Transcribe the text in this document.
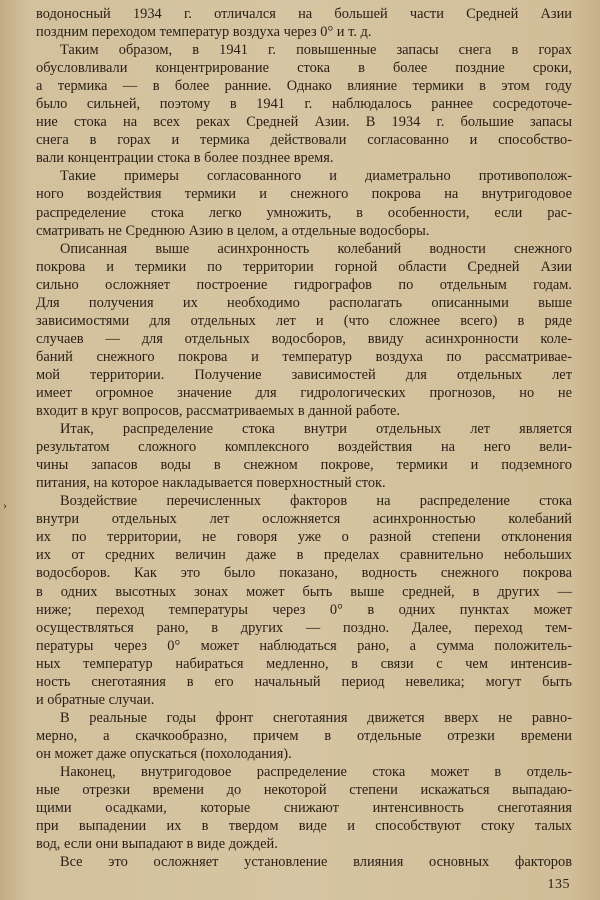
›
водоносный 1934 г. отличался на большей части Средней Азии
поздним переходом температур воздуха через 0° и т. д.
Таким образом, в 1941 г. повышенные запасы снега в горах
обусловливали концентрирование стока в более поздние сроки,
а термика — в более ранние. Однако влияние термики в этом году
было сильней, поэтому в 1941 г. наблюдалось раннее сосредоточе-
ние стока на всех реках Средней Азии. В 1934 г. большие запасы
снега в горах и термика действовали согласованно и способство-
вали концентрации стока в более позднее время.
Такие примеры согласованного и диаметрально противополож-
ного воздействия термики и снежного покрова на внутригодовое
распределение стока легко умножить, в особенности, если рас-
сматривать не Среднюю Азию в целом, а отдельные водосборы.
Описанная выше асинхронность колебаний водности снежного
покрова и термики по территории горной области Средней Азии
сильно осложняет построение гидрографов по отдельным годам.
Для получения их необходимо располагать описанными выше
зависимостями для отдельных лет и (что сложнее всего) в ряде
случаев — для отдельных водосборов, ввиду асинхронности коле-
баний снежного покрова и температур воздуха по рассматривае-
мой территории. Получение зависимостей для отдельных лет
имеет огромное значение для гидрологических прогнозов, но не
входит в круг вопросов, рассматриваемых в данной работе.
Итак, распределение стока внутри отдельных лет является
результатом сложного комплексного воздействия на него вели-
чины запасов воды в снежном покрове, термики и подземного
питания, на которое накладывается поверхностный сток.
Воздействие перечисленных факторов на распределение стока
внутри отдельных лет осложняется асинхронностью колебаний
их по территории, не говоря уже о разной степени отклонения
их от средних величин даже в пределах сравнительно небольших
водосборов. Как это было показано, водность снежного покрова
в одних высотных зонах может быть выше средней, в других —
ниже; переход температуры через 0° в одних пунктах может
осуществляться рано, в других — поздно. Далее, переход тем-
пературы через 0° может наблюдаться рано, а сумма положитель-
ных температур набираться медленно, в связи с чем интенсив-
ность снеготаяния в его начальный период невелика; могут быть
и обратные случаи.
В реальные годы фронт снеготаяния движется вверх не равно-
мерно, а скачкообразно, причем в отдельные отрезки времени
он может даже опускаться (похолодания).
Наконец, внутригодовое распределение стока может в отдель-
ные отрезки времени до некоторой степени искажаться выпадаю-
щими осадками, которые снижают интенсивность снеготаяния
при выпадении их в твердом виде и способствуют стоку талых
вод, если они выпадают в виде дождей.
Все это осложняет установление влияния основных факторов
135
